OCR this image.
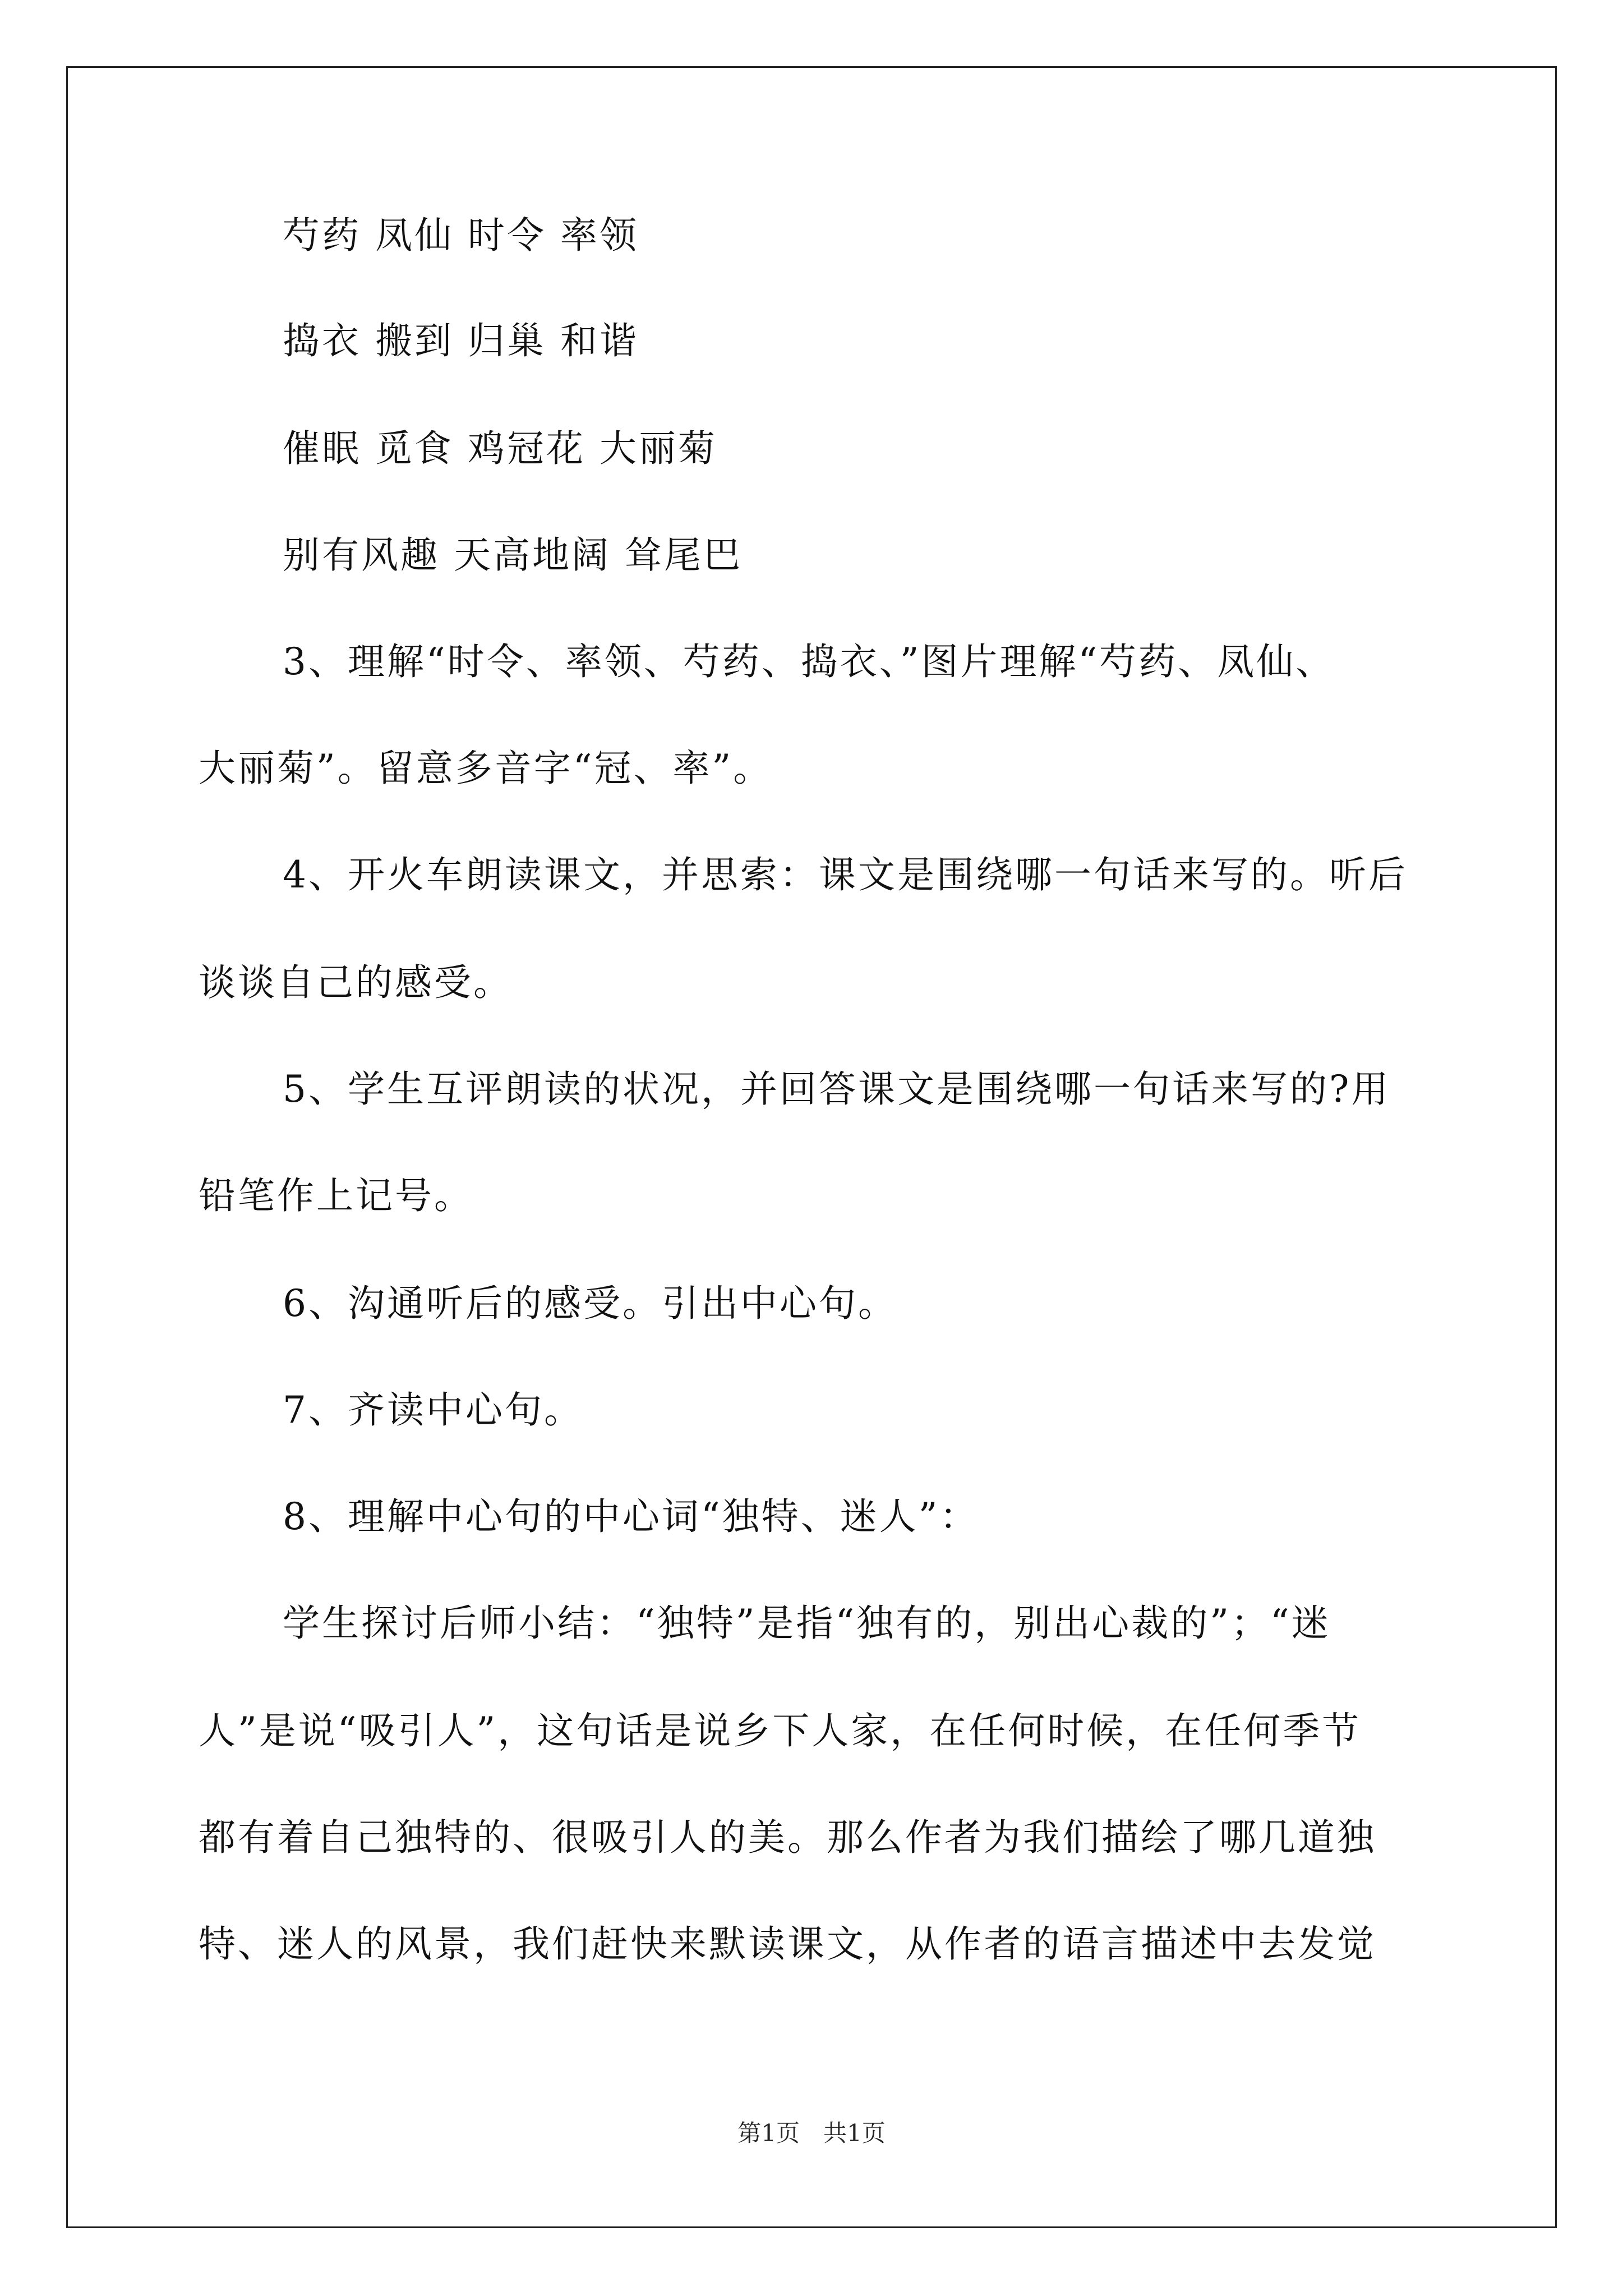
芍药 凤仙 时令 率领

捣衣 搬到 归巢 和谐

催眠 觅食 鸡冠花 大丽菊

别有风趣 天高地阔 耸尾巴

3、理解“时令、率领、芍药、捣衣、”图片理解“芍药、凤仙、

大丽菊”。留意多音字“冠、率”。

4、开火车朗读课文，并思索：课文是围绕哪一句话来写的。听后

谈谈自己的感受。

5、学生互评朗读的状况，并回答课文是围绕哪一句话来写的?用

铅笔作上记号。

6、沟通听后的感受。引出中心句。

7、齐读中心句。

8、理解中心句的中心词“独特、迷人”：

学生探讨后师小结：“独特”是指“独有的，别出心裁的”；“迷

人”是说“吸引人”，这句话是说乡下人家，在任何时候，在任何季节

都有着自己独特的、很吸引人的美。那么作者为我们描绘了哪几道独

特、迷人的风景，我们赶快来默读课文，从作者的语言描述中去发觉

第1页　共1页
